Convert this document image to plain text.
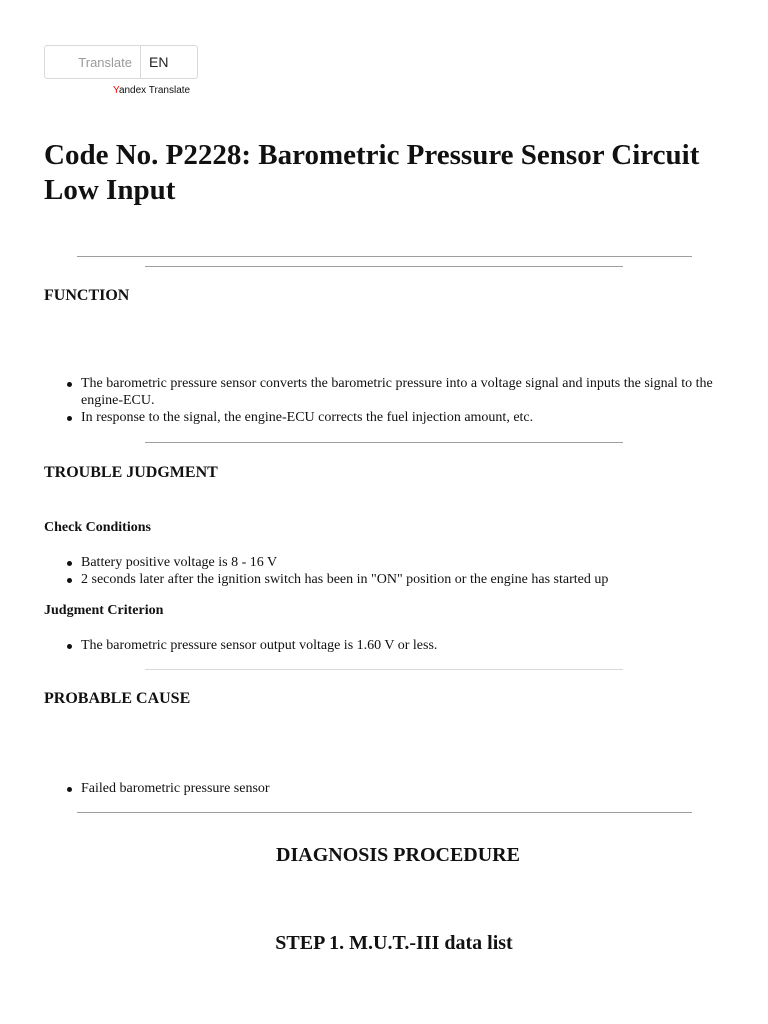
Translate	EN
Yandex Translate
Code No. P2228: Barometric Pressure Sensor Circuit Low Input
FUNCTION
The barometric pressure sensor converts the barometric pressure into a voltage signal and inputs the signal to the engine-ECU.
In response to the signal, the engine-ECU corrects the fuel injection amount, etc.
TROUBLE JUDGMENT
Check Conditions
Battery positive voltage is 8 - 16 V
2 seconds later after the ignition switch has been in "ON" position or the engine has started up
Judgment Criterion
The barometric pressure sensor output voltage is 1.60 V or less.
PROBABLE CAUSE
Failed barometric pressure sensor
DIAGNOSIS PROCEDURE
STEP 1. M.U.T.-III data list
